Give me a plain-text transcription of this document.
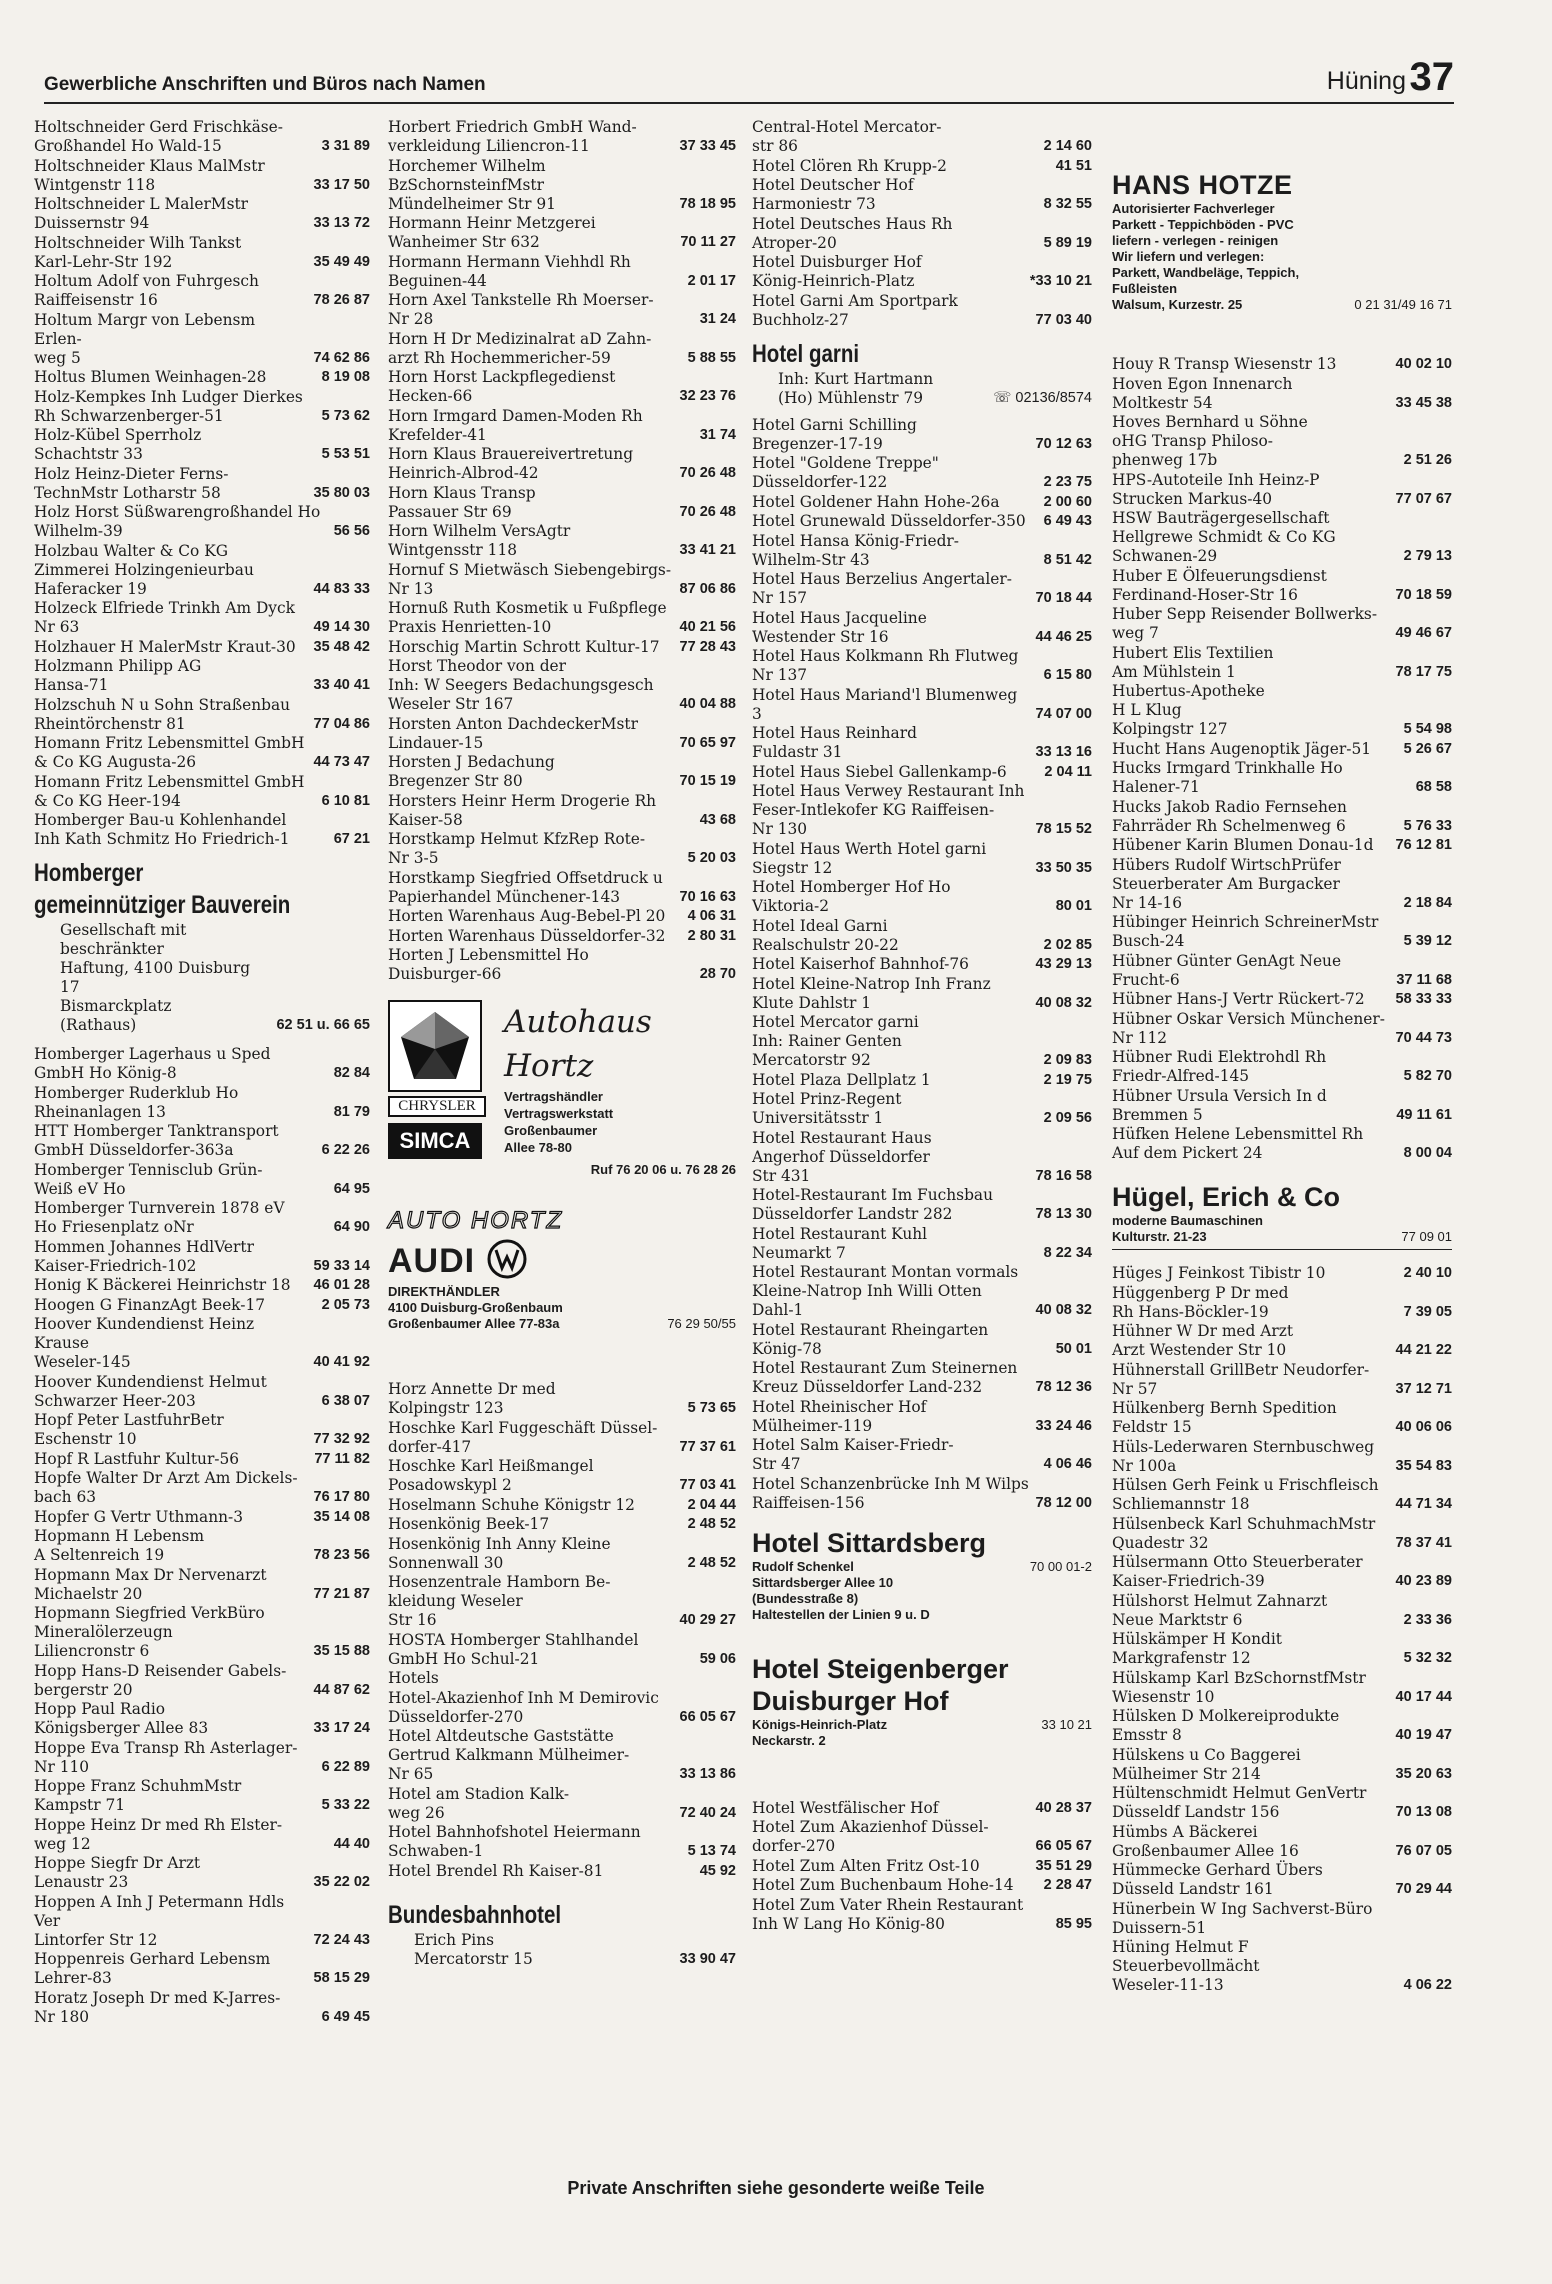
Gewerbliche Anschriften und Büros nach Namen	Hüning 37
Holtschneider Gerd Frischkäse-
Großhandel Ho Wald-15	3 31 89
Holtschneider Klaus MalMstr
Wintgenstr 118	33 17 50
Holtschneider L MalerMstr
Duissernstr 94	33 13 72
Holtschneider Wilh Tankst
Karl-Lehr-Str 192	35 49 49
Holtum Adolf von Fuhrgesch
Raiffeisenstr 16	78 26 87
Holtum Margr von Lebensm Erlen-
weg 5	74 62 86
Holtus Blumen Weinhagen-28	8 19 08
Holz-Kempkes Inh Ludger Dierkes
Rh Schwarzenberger-51	5 73 62
Holz-Kübel Sperrholz
Schachtstr 33	5 53 51
Holz Heinz-Dieter Ferns-
TechnMstr Lotharstr 58	35 80 03
Holz Horst Süßwarengroßhandel Ho
Wilhelm-39	56 56
Holzbau Walter & Co KG
Zimmerei Holzingenieurbau
Haferacker 19	44 83 33
Holzeck Elfriede Trinkh Am Dyck
Nr 63	49 14 30
Holzhauer H MalerMstr Kraut-30	35 48 42
Holzmann Philipp AG
Hansa-71	33 40 41
Holzschuh N u Sohn Straßenbau
Rheintörchenstr 81	77 04 86
Homann Fritz Lebensmittel GmbH
& Co KG Augusta-26	44 73 47
Homann Fritz Lebensmittel GmbH
& Co KG Heer-194	6 10 81
Homberger Bau-u Kohlenhandel
Inh Kath Schmitz Ho Friedrich-1	67 21
Homberger
gemeinnütziger Bauverein
Gesellschaft mit beschränkter
Haftung, 4100 Duisburg 17
Bismarckplatz
(Rathaus)	62 51 u. 66 65
Homberger Lagerhaus u Sped
GmbH Ho König-8	82 84
Homberger Ruderklub Ho
Rheinanlagen 13	81 79
HTT Homberger Tanktransport
GmbH Düsseldorfer-363a	6 22 26
Homberger Tennisclub Grün-
Weiß eV Ho	64 95
Homberger Turnverein 1878 eV
Ho Friesenplatz oNr	64 90
Hommen Johannes HdlVertr
Kaiser-Friedrich-102	59 33 14
Honig K Bäckerei Heinrichstr 18	46 01 28
Hoogen G FinanzAgt Beek-17	2 05 73
Hoover Kundendienst Heinz Krause
Weseler-145	40 41 92
Hoover Kundendienst Helmut
Schwarzer Heer-203	6 38 07
Hopf Peter LastfuhrBetr
Eschenstr 10	77 32 92
Hopf R Lastfuhr Kultur-56	77 11 82
Hopfe Walter Dr Arzt Am Dickels-
bach 63	76 17 80
Hopfer G Vertr Uthmann-3	35 14 08
Hopmann H Lebensm
A Seltenreich 19	78 23 56
Hopmann Max Dr Nervenarzt
Michaelstr 20	77 21 87
Hopmann Siegfried VerkBüro
Mineralölerzeugn
Liliencronstr 6	35 15 88
Hopp Hans-D Reisender Gabels-
bergerstr 20	44 87 62
Hopp Paul Radio
Königsberger Allee 83	33 17 24
Hoppe Eva Transp Rh Asterlager-
Nr 110	6 22 89
Hoppe Franz SchuhmMstr
Kampstr 71	5 33 22
Hoppe Heinz Dr med Rh Elster-
weg 12	44 40
Hoppe Siegfr Dr Arzt
Lenaustr 23	35 22 02
Hoppen A Inh J Petermann Hdls Ver
Lintorfer Str 12	72 24 43
Hoppenreis Gerhard Lebensm
Lehrer-83	58 15 29
Horatz Joseph Dr med K-Jarres-
Nr 180	6 49 45
Horbert Friedrich GmbH Wand-
verkleidung Liliencron-11	37 33 45
Horchemer Wilhelm
BzSchornsteinfMstr
Mündelheimer Str 91	78 18 95
Hormann Heinr Metzgerei
Wanheimer Str 632	70 11 27
Hormann Hermann Viehhdl Rh
Beguinen-44	2 01 17
Horn Axel Tankstelle Rh Moerser-
Nr 28	31 24
Horn H Dr Medizinalrat aD Zahn-
arzt Rh Hochemmericher-59	5 88 55
Horn Horst Lackpflegedienst
Hecken-66	32 23 76
Horn Irmgard Damen-Moden Rh
Krefelder-41	31 74
Horn Klaus Brauereivertretung
Heinrich-Albrod-42	70 26 48
Horn Klaus Transp
Passauer Str 69	70 26 48
Horn Wilhelm VersAgtr
Wintgensstr 118	33 41 21
Hornuf S Mietwäsch Siebengebirgs-
Nr 13	87 06 86
Hornuß Ruth Kosmetik u Fußpflege
Praxis Henrietten-10	40 21 56
Horschig Martin Schrott Kultur-17	77 28 43
Horst Theodor von der
Inh: W Seegers Bedachungsgesch
Weseler Str 167	40 04 88
Horsten Anton DachdeckerMstr
Lindauer-15	70 65 97
Horsten J Bedachung
Bregenzer Str 80	70 15 19
Horsters Heinr Herm Drogerie Rh
Kaiser-58	43 68
Horstkamp Helmut KfzRep Rote-
Nr 3-5	5 20 03
Horstkamp Siegfried Offsetdruck u
Papierhandel Münchener-143	70 16 63
Horten Warenhaus Aug-Bebel-Pl 20	4 06 31
Horten Warenhaus Düsseldorfer-32	2 80 31
Horten J Lebensmittel Ho
Duisburger-66	28 70
CHRYSLER
SIMCA
Autohaus Hortz
Vertragshändler
Vertragswerkstatt
Großenbaumer
Allee 78-80
Ruf 76 20 06 u. 76 28 26
AUTO HORTZ
AUDI
DIREKTHÄNDLER
4100 Duisburg-Großenbaum
Großenbaumer Allee 77-83a	76 29 50/55
Horz Annette Dr med
Kolpingstr 123	5 73 65
Hoschke Karl Fuggeschäft Düssel-
dorfer-417	77 37 61
Hoschke Karl Heißmangel
Posadowskypl 2	77 03 41
Hoselmann Schuhe Königstr 12	2 04 44
Hosenkönig Beek-17	2 48 52
Hosenkönig Inh Anny Kleine
Sonnenwall 30	2 48 52
Hosenzentrale Hamborn Be-
kleidung Weseler
Str 16	40 29 27
HOSTA Homberger Stahlhandel
GmbH Ho Schul-21	59 06
Hotels
Hotel-Akazienhof Inh M Demirovic
Düsseldorfer-270	66 05 67
Hotel Altdeutsche Gaststätte
Gertrud Kalkmann Mülheimer-
Nr 65	33 13 86
Hotel am Stadion Kalk-
weg 26	72 40 24
Hotel Bahnhofshotel Heiermann
Schwaben-1	5 13 74
Hotel Brendel Rh Kaiser-81	45 92
Bundesbahnhotel
Erich Pins
Mercatorstr 15	33 90 47
Central-Hotel Mercator-
str 86	2 14 60
Hotel Clören Rh Krupp-2	41 51
Hotel Deutscher Hof
Harmoniestr 73	8 32 55
Hotel Deutsches Haus Rh
Atroper-20	5 89 19
Hotel Duisburger Hof
König-Heinrich-Platz	*33 10 21
Hotel Garni Am Sportpark
Buchholz-27	77 03 40
Hotel garni
Inh: Kurt Hartmann
(Ho) Mühlenstr 79	☏ 02136/8574
Hotel Garni Schilling
Bregenzer-17-19	70 12 63
Hotel "Goldene Treppe"
Düsseldorfer-122	2 23 75
Hotel Goldener Hahn Hohe-26a	2 00 60
Hotel Grunewald Düsseldorfer-350	6 49 43
Hotel Hansa König-Friedr-
Wilhelm-Str 43	8 51 42
Hotel Haus Berzelius Angertaler-
Nr 157	70 18 44
Hotel Haus Jacqueline
Westender Str 16	44 46 25
Hotel Haus Kolkmann Rh Flutweg
Nr 137	6 15 80
Hotel Haus Mariand'l Blumenweg 3	74 07 00
Hotel Haus Reinhard
Fuldastr 31	33 13 16
Hotel Haus Siebel Gallenkamp-6	2 04 11
Hotel Haus Verwey Restaurant Inh
Feser-Intlekofer KG Raiffeisen-
Nr 130	78 15 52
Hotel Haus Werth Hotel garni
Siegstr 12	33 50 35
Hotel Homberger Hof Ho
Viktoria-2	80 01
Hotel Ideal Garni
Realschulstr 20-22	2 02 85
Hotel Kaiserhof Bahnhof-76	43 29 13
Hotel Kleine-Natrop Inh Franz
Klute Dahlstr 1	40 08 32
Hotel Mercator garni
Inh: Rainer Genten
Mercatorstr 92	2 09 83
Hotel Plaza Dellplatz 1	2 19 75
Hotel Prinz-Regent
Universitätsstr 1	2 09 56
Hotel Restaurant Haus
Angerhof Düsseldorfer
Str 431	78 16 58
Hotel-Restaurant Im Fuchsbau
Düsseldorfer Landstr 282	78 13 30
Hotel Restaurant Kuhl
Neumarkt 7	8 22 34
Hotel Restaurant Montan vormals
Kleine-Natrop Inh Willi Otten
Dahl-1	40 08 32
Hotel Restaurant Rheingarten
König-78	50 01
Hotel Restaurant Zum Steinernen
Kreuz Düsseldorfer Land-232	78 12 36
Hotel Rheinischer Hof
Mülheimer-119	33 24 46
Hotel Salm Kaiser-Friedr-
Str 47	4 06 46
Hotel Schanzenbrücke Inh M Wilps
Raiffeisen-156	78 12 00
Hotel Sittardsberg
Rudolf Schenkel	70 00 01-2
Sittardsberger Allee 10
(Bundesstraße 8)
Haltestellen der Linien 9 u. D
Hotel Steigenberger
Duisburger Hof
Königs-Heinrich-Platz	33 10 21
Neckarstr. 2
Hotel Westfälischer Hof	40 28 37
Hotel Zum Akazienhof Düssel-
dorfer-270	66 05 67
Hotel Zum Alten Fritz Ost-10	35 51 29
Hotel Zum Buchenbaum Hohe-14	2 28 47
Hotel Zum Vater Rhein Restaurant
Inh W Lang Ho König-80	85 95
HANS HOTZE
Autorisierter Fachverleger
Parkett - Teppichböden - PVC
liefern - verlegen - reinigen
Wir liefern und verlegen:
Parkett, Wandbeläge, Teppich,
Fußleisten
Walsum, Kurzestr. 25	0 21 31/49 16 71
Houy R Transp Wiesenstr 13	40 02 10
Hoven Egon Innenarch
Moltkestr 54	33 45 38
Hoves Bernhard u Söhne
oHG Transp Philoso-
phenweg 17b	2 51 26
HPS-Autoteile Inh Heinz-P
Strucken Markus-40	77 07 67
HSW Bauträgergesellschaft
Hellgrewe Schmidt & Co KG
Schwanen-29	2 79 13
Huber E Ölfeuerungsdienst
Ferdinand-Hoser-Str 16	70 18 59
Huber Sepp Reisender Bollwerks-
weg 7	49 46 67
Hubert Elis Textilien
Am Mühlstein 1	78 17 75
Hubertus-Apotheke
H L Klug
Kolpingstr 127	5 54 98
Hucht Hans Augenoptik Jäger-51	5 26 67
Hucks Irmgard Trinkhalle Ho
Halener-71	68 58
Hucks Jakob Radio Fernsehen
Fahrräder Rh Schelmenweg 6	5 76 33
Hübener Karin Blumen Donau-1d	76 12 81
Hübers Rudolf WirtschPrüfer
Steuerberater Am Burgacker
Nr 14-16	2 18 84
Hübinger Heinrich SchreinerMstr
Busch-24	5 39 12
Hübner Günter GenAgt Neue
Frucht-6	37 11 68
Hübner Hans-J Vertr Rückert-72	58 33 33
Hübner Oskar Versich Münchener-
Nr 112	70 44 73
Hübner Rudi Elektrohdl Rh
Friedr-Alfred-145	5 82 70
Hübner Ursula Versich In d
Bremmen 5	49 11 61
Hüfken Helene Lebensmittel Rh
Auf dem Pickert 24	8 00 04
Hügel, Erich & Co
moderne Baumaschinen
Kulturstr. 21-23	77 09 01
Hüges J Feinkost Tibistr 10	2 40 10
Hüggenberg P Dr med
Rh Hans-Böckler-19	7 39 05
Hühner W Dr med Arzt
Arzt Westender Str 10	44 21 22
Hühnerstall GrillBetr Neudorfer-
Nr 57	37 12 71
Hülkenberg Bernh Spedition
Feldstr 15	40 06 06
Hüls-Lederwaren Sternbuschweg
Nr 100a	35 54 83
Hülsen Gerh Feink u Frischfleisch
Schliemannstr 18	44 71 34
Hülsenbeck Karl SchuhmachMstr
Quadestr 32	78 37 41
Hülsermann Otto Steuerberater
Kaiser-Friedrich-39	40 23 89
Hülshorst Helmut Zahnarzt
Neue Marktstr 6	2 33 36
Hülskämper H Kondit
Markgrafenstr 12	5 32 32
Hülskamp Karl BzSchornstfMstr
Wiesenstr 10	40 17 44
Hülsken D Molkereiprodukte
Emsstr 8	40 19 47
Hülskens u Co Baggerei
Mülheimer Str 214	35 20 63
Hültenschmidt Helmut GenVertr
Düsseldf Landstr 156	70 13 08
Hümbs A Bäckerei
Großenbaumer Allee 16	76 07 05
Hümmecke Gerhard Übers
Düsseld Landstr 161	70 29 44
Hünerbein W Ing Sachverst-Büro
Duissern-51
Hüning Helmut F Steuerbevollmächt
Weseler-11-13	4 06 22
Private Anschriften siehe gesonderte weiße Teile
